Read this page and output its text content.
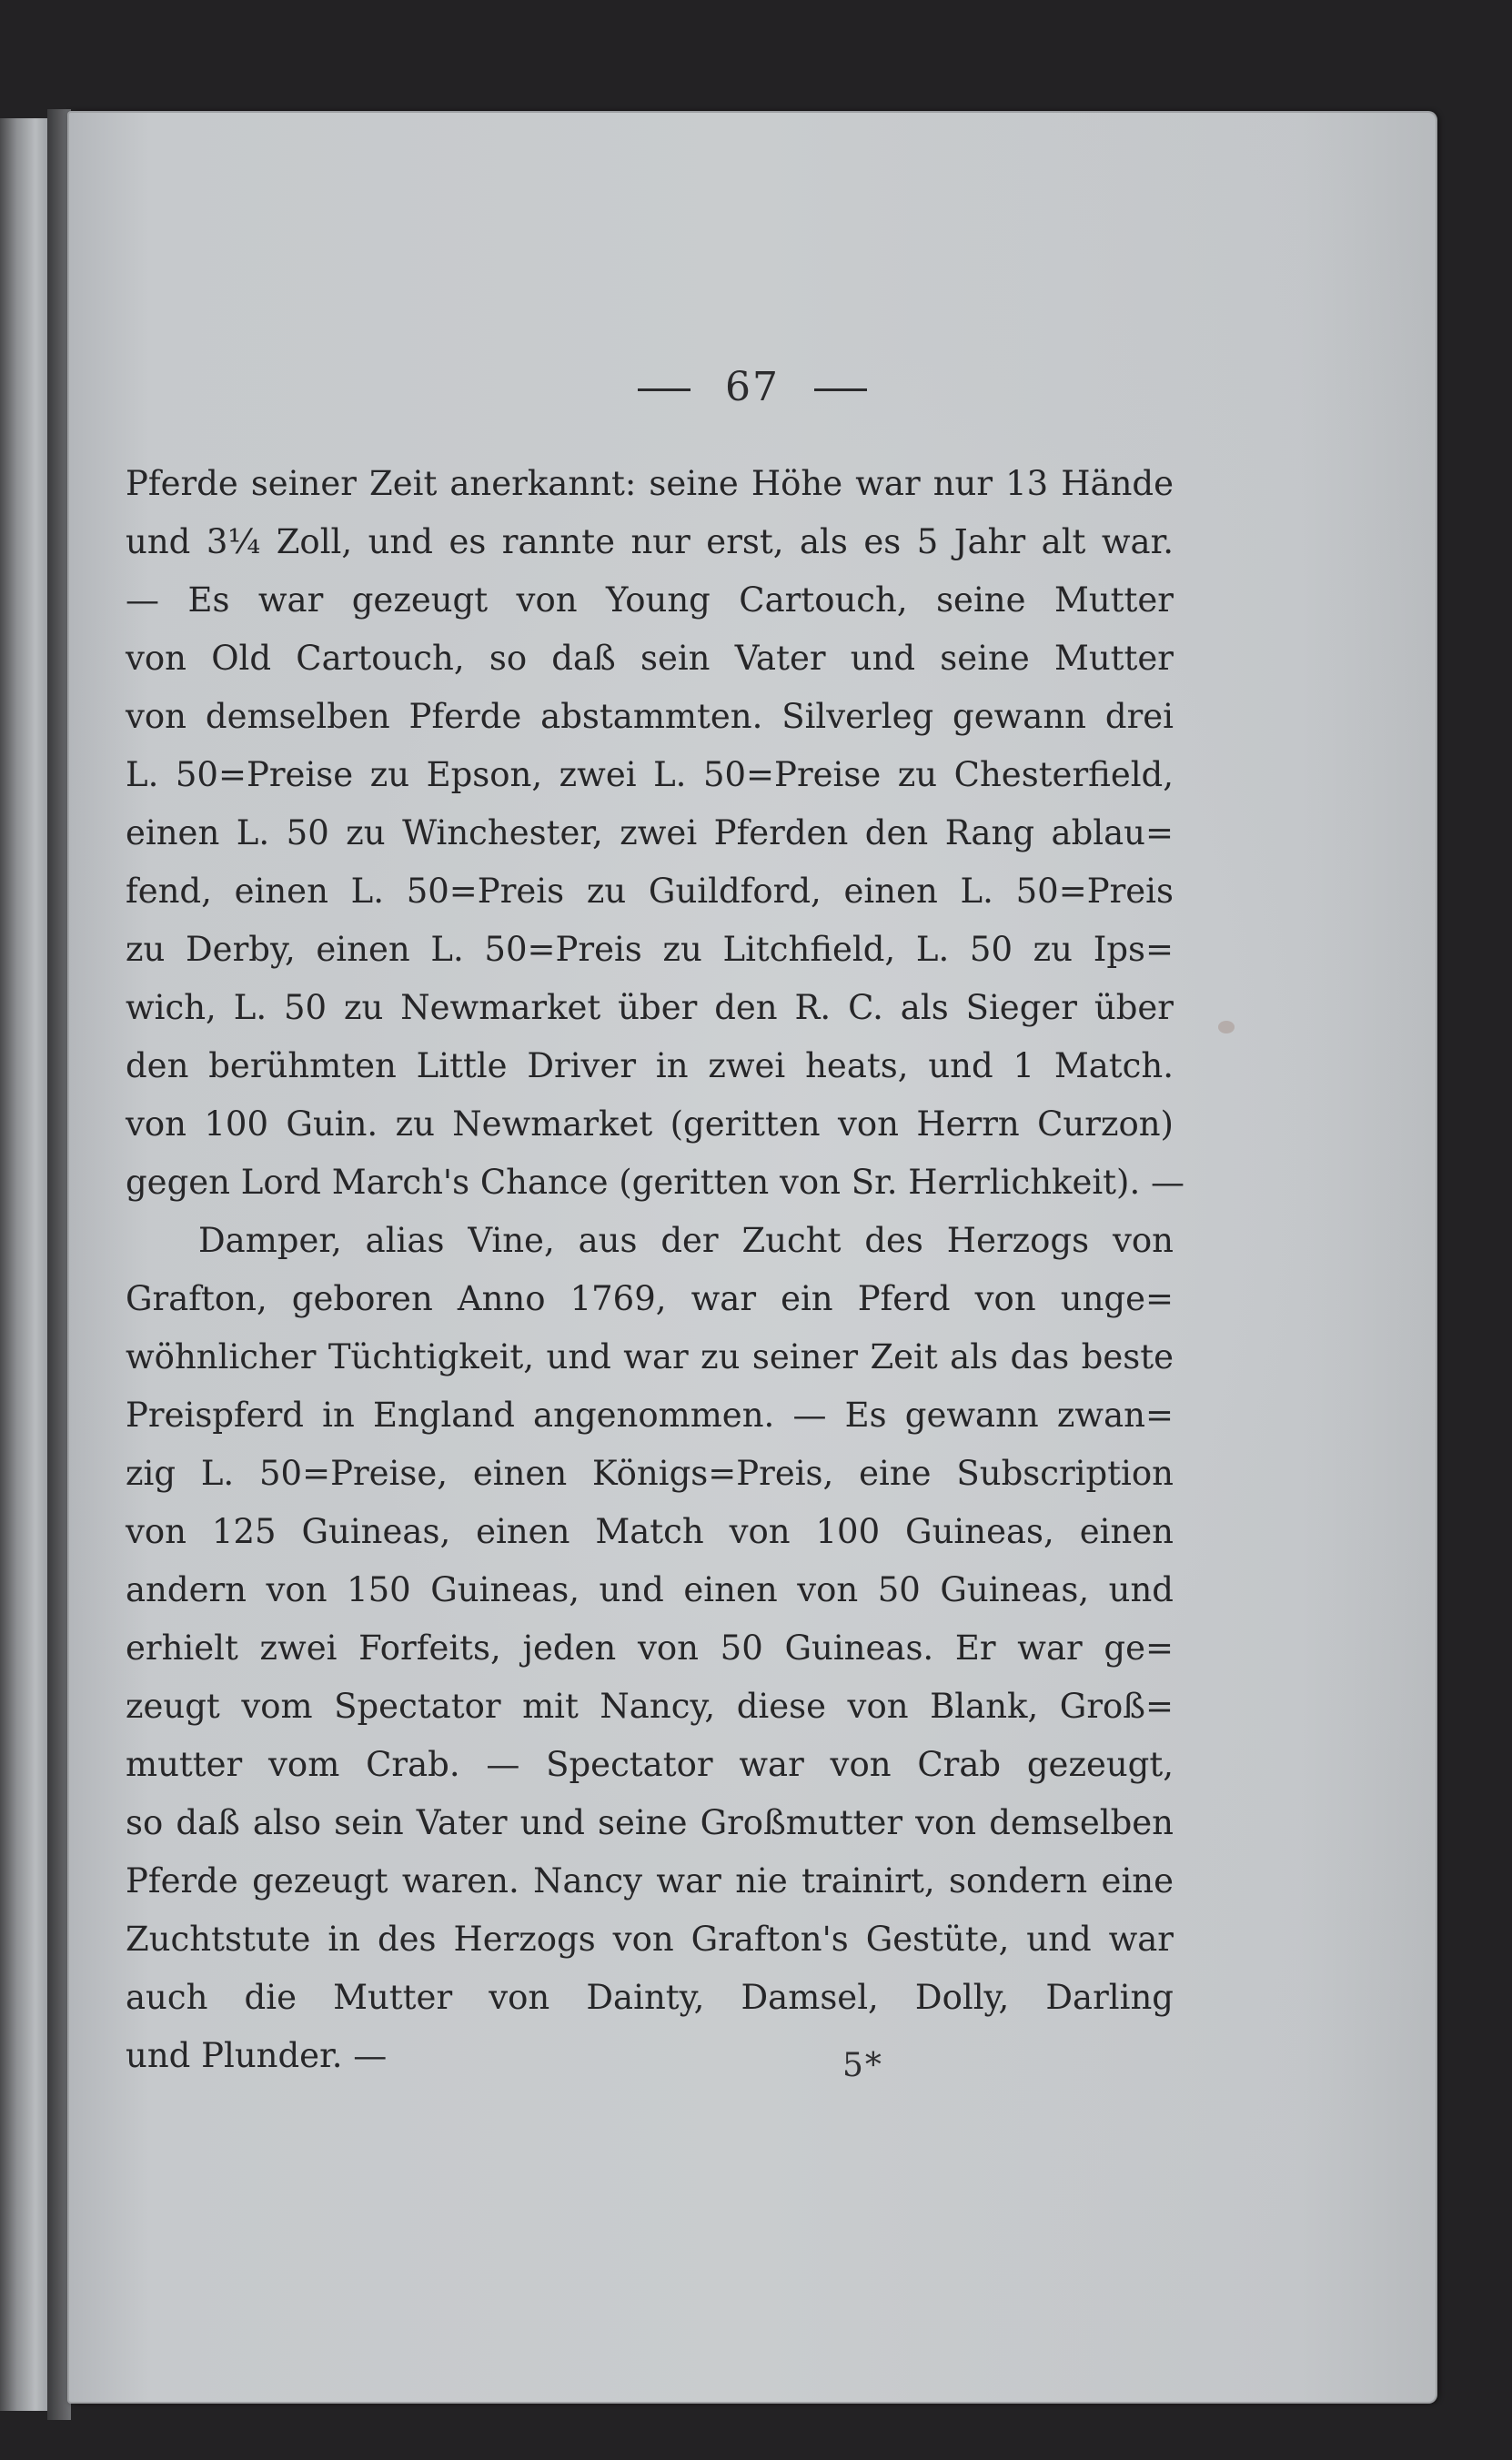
67
Pferde seiner Zeit anerkannt: seine Höhe war nur 13 Hände
und 3¼ Zoll, und es rannte nur erst, als es 5 Jahr alt war.
— Es war gezeugt von Young Cartouch, seine Mutter
von Old Cartouch, so daß sein Vater und seine Mutter
von demselben Pferde abstammten. Silverleg gewann drei
L. 50=Preise zu Epson, zwei L. 50=Preise zu Chesterfield,
einen L. 50 zu Winchester, zwei Pferden den Rang ablau=
fend, einen L. 50=Preis zu Guildford, einen L. 50=Preis
zu Derby, einen L. 50=Preis zu Litchfield, L. 50 zu Ips=
wich, L. 50 zu Newmarket über den R. C. als Sieger über
den berühmten Little Driver in zwei heats, und 1 Match.
von 100 Guin. zu Newmarket (geritten von Herrn Curzon)
gegen Lord March's Chance (geritten von Sr. Herrlichkeit). —
Damper, alias Vine, aus der Zucht des Herzogs von
Grafton, geboren Anno 1769, war ein Pferd von unge=
wöhnlicher Tüchtigkeit, und war zu seiner Zeit als das beste
Preispferd in England angenommen. — Es gewann zwan=
zig L. 50=Preise, einen Königs=Preis, eine Subscription
von 125 Guineas, einen Match von 100 Guineas, einen
andern von 150 Guineas, und einen von 50 Guineas, und
erhielt zwei Forfeits, jeden von 50 Guineas. Er war ge=
zeugt vom Spectator mit Nancy, diese von Blank, Groß=
mutter vom Crab. — Spectator war von Crab gezeugt,
so daß also sein Vater und seine Großmutter von demselben
Pferde gezeugt waren. Nancy war nie trainirt, sondern eine
Zuchtstute in des Herzogs von Grafton's Gestüte, und war
auch die Mutter von Dainty, Damsel, Dolly, Darling
und Plunder. —	5*
